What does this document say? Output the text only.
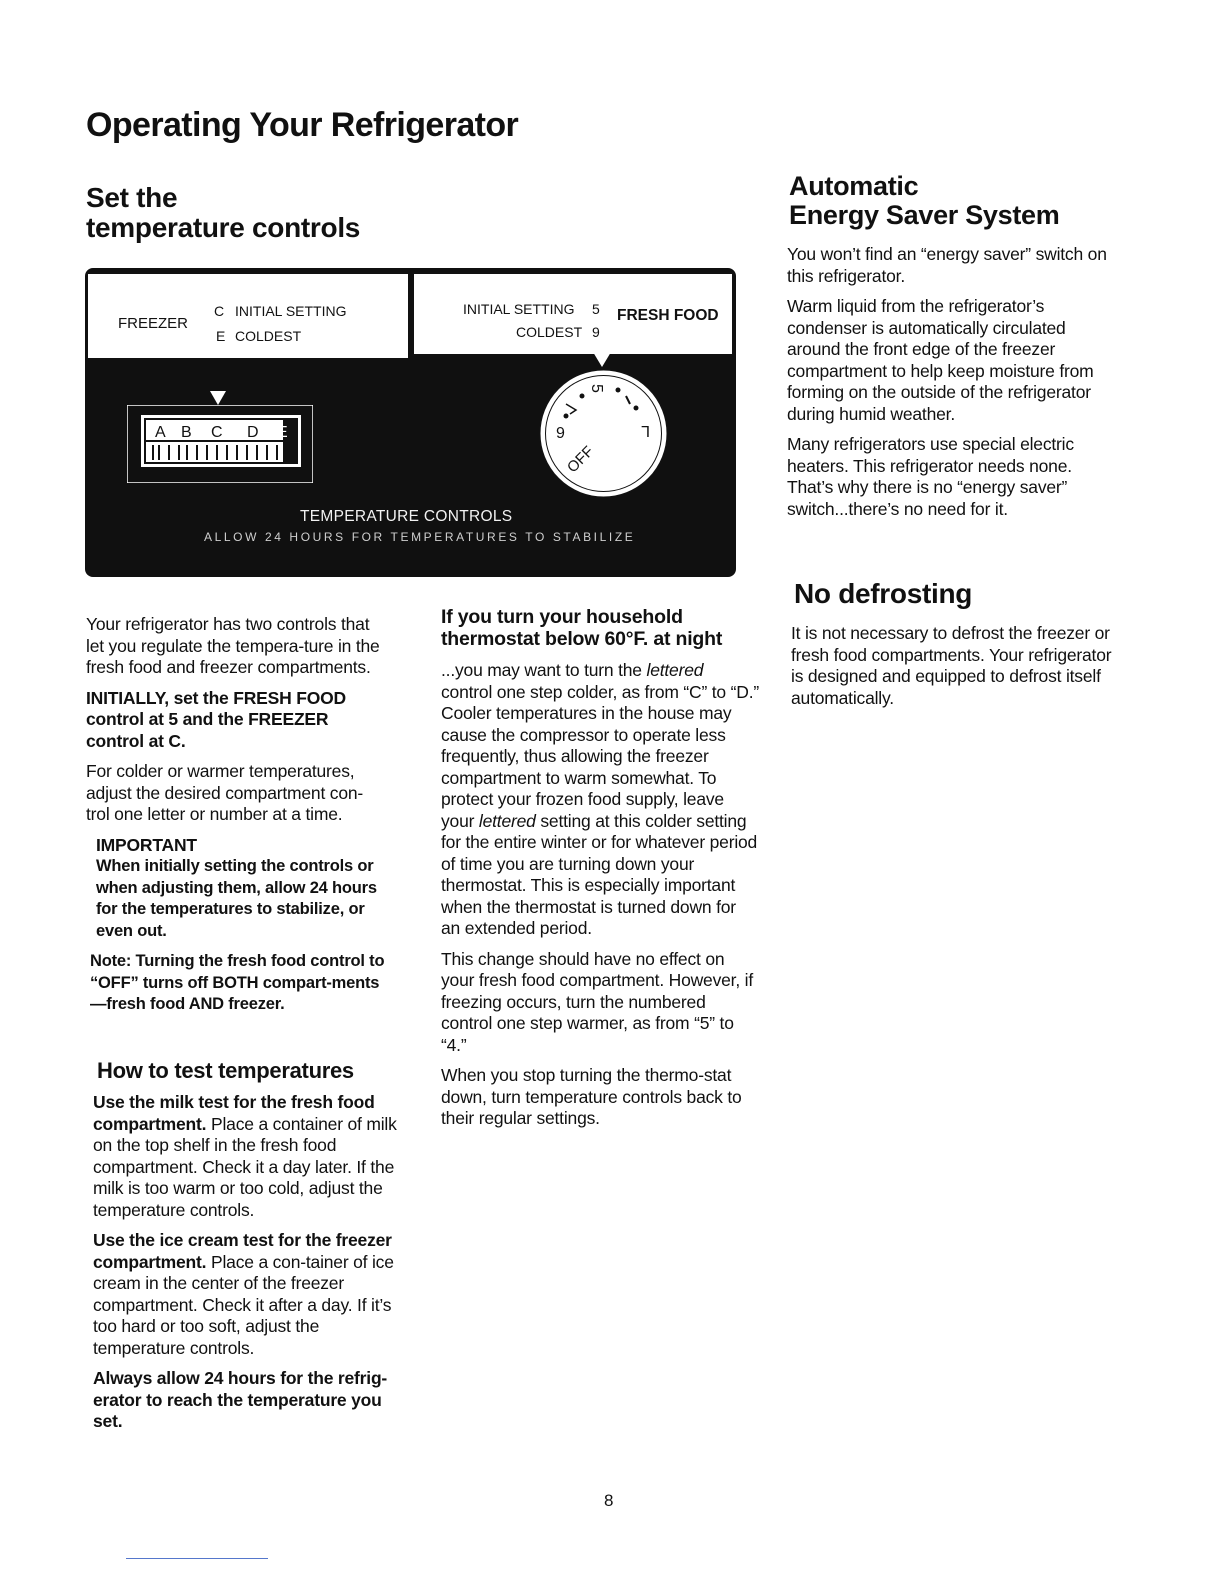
Operating Your Refrigerator
Set the
temperature controls
FREEZER
C INITIAL SETTING
E COLDEST
INITIAL SETTING 5
COLDEST 9
FRESH FOOD
A B C D E
5
9	L
OFF
TEMPERATURE CONTROLS
ALLOW 24 HOURS FOR TEMPERATURES TO STABILIZE

Your refrigerator has two controls that let you regulate the tempera-ture in the fresh food and freezer compartments.

INITIALLY, set the FRESH FOOD control at 5 and the FREEZER control at C.

For colder or warmer temperatures, adjust the desired compartment con-trol one letter or number at a time.

IMPORTANT

When initially setting the controls or when adjusting them, allow 24 hours for the temperatures to stabilize, or even out.

Note: Turning the fresh food control to “OFF” turns off BOTH compart-ments—fresh food AND freezer.

How to test temperatures

Use the milk test for the fresh food compartment. Place a container of milk on the top shelf in the fresh food compartment. Check it a day later. If the milk is too warm or too cold, adjust the temperature controls.

Use the ice cream test for the freezer compartment. Place a con-tainer of ice cream in the center of the freezer compartment. Check it after a day. If it’s too hard or too soft, adjust the temperature controls.

Always allow 24 hours for the refrig-erator to reach the temperature you set.

If you turn your household thermostat below 60°F. at night

...you may want to turn the lettered control one step colder, as from “C” to “D.” Cooler temperatures in the house may cause the compressor to operate less frequently, thus allowing the freezer compartment to warm somewhat. To protect your frozen food supply, leave your lettered setting at this colder setting for the entire winter or for whatever period of time you are turning down your thermostat. This is especially important when the thermostat is turned down for an extended period.

This change should have no effect on your fresh food compartment. However, if freezing occurs, turn the numbered control one step warmer, as from “5” to “4.”

When you stop turning the thermo-stat down, turn temperature controls back to their regular settings.

Automatic
Energy Saver System

You won’t find an “energy saver” switch on this refrigerator.

Warm liquid from the refrigerator’s condenser is automatically circulated around the front edge of the freezer compartment to help keep moisture from forming on the outside of the refrigerator during humid weather.

Many refrigerators use special electric heaters. This refrigerator needs none. That’s why there is no “energy saver” switch...there’s no need for it.

No defrosting

It is not necessary to defrost the freezer or fresh food compartments. Your refrigerator is designed and equipped to defrost itself automatically.

8
